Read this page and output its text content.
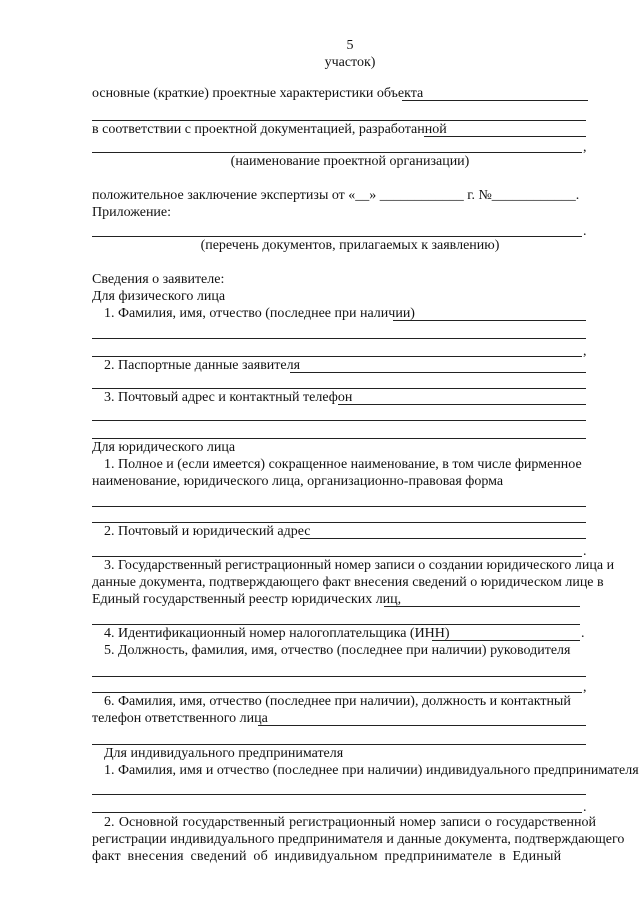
5
участок)
основные (краткие) проектные характеристики объекта
в соответствии с проектной документацией, разработанной
,
(наименование проектной организации)
положительное заключение экспертизы от «__» ____________ г. №____________.
Приложение:
.
(перечень документов, прилагаемых к заявлению)
Сведения о заявителе:
Для физического лица
1. Фамилия, имя, отчество (последнее при наличии)
,
2. Паспортные данные заявителя
3. Почтовый адрес и контактный телефон
Для юридического лица
1. Полное и (если имеется) сокращенное наименование, в том числе фирменное
наименование, юридического лица, организационно-правовая форма
2. Почтовый и юридический адрес
.
3. Государственный регистрационный номер записи о создании юридического лица и
данные документа, подтверждающего факт внесения сведений о юридическом лице в
Единый государственный реестр юридических лиц,
4. Идентификационный номер налогоплательщика (ИНН)	.
5. Должность, фамилия, имя, отчество (последнее при наличии) руководителя
,
6. Фамилия, имя, отчество (последнее при наличии), должность и контактный
телефон ответственного лица
Для индивидуального предпринимателя
1. Фамилия, имя и отчество (последнее при наличии) индивидуального предпринимателя
.
2. Основной государственный регистрационный номер записи о государственной
регистрации индивидуального предпринимателя и данные документа, подтверждающего
факт внесения сведений об индивидуальном предпринимателе в Единый
